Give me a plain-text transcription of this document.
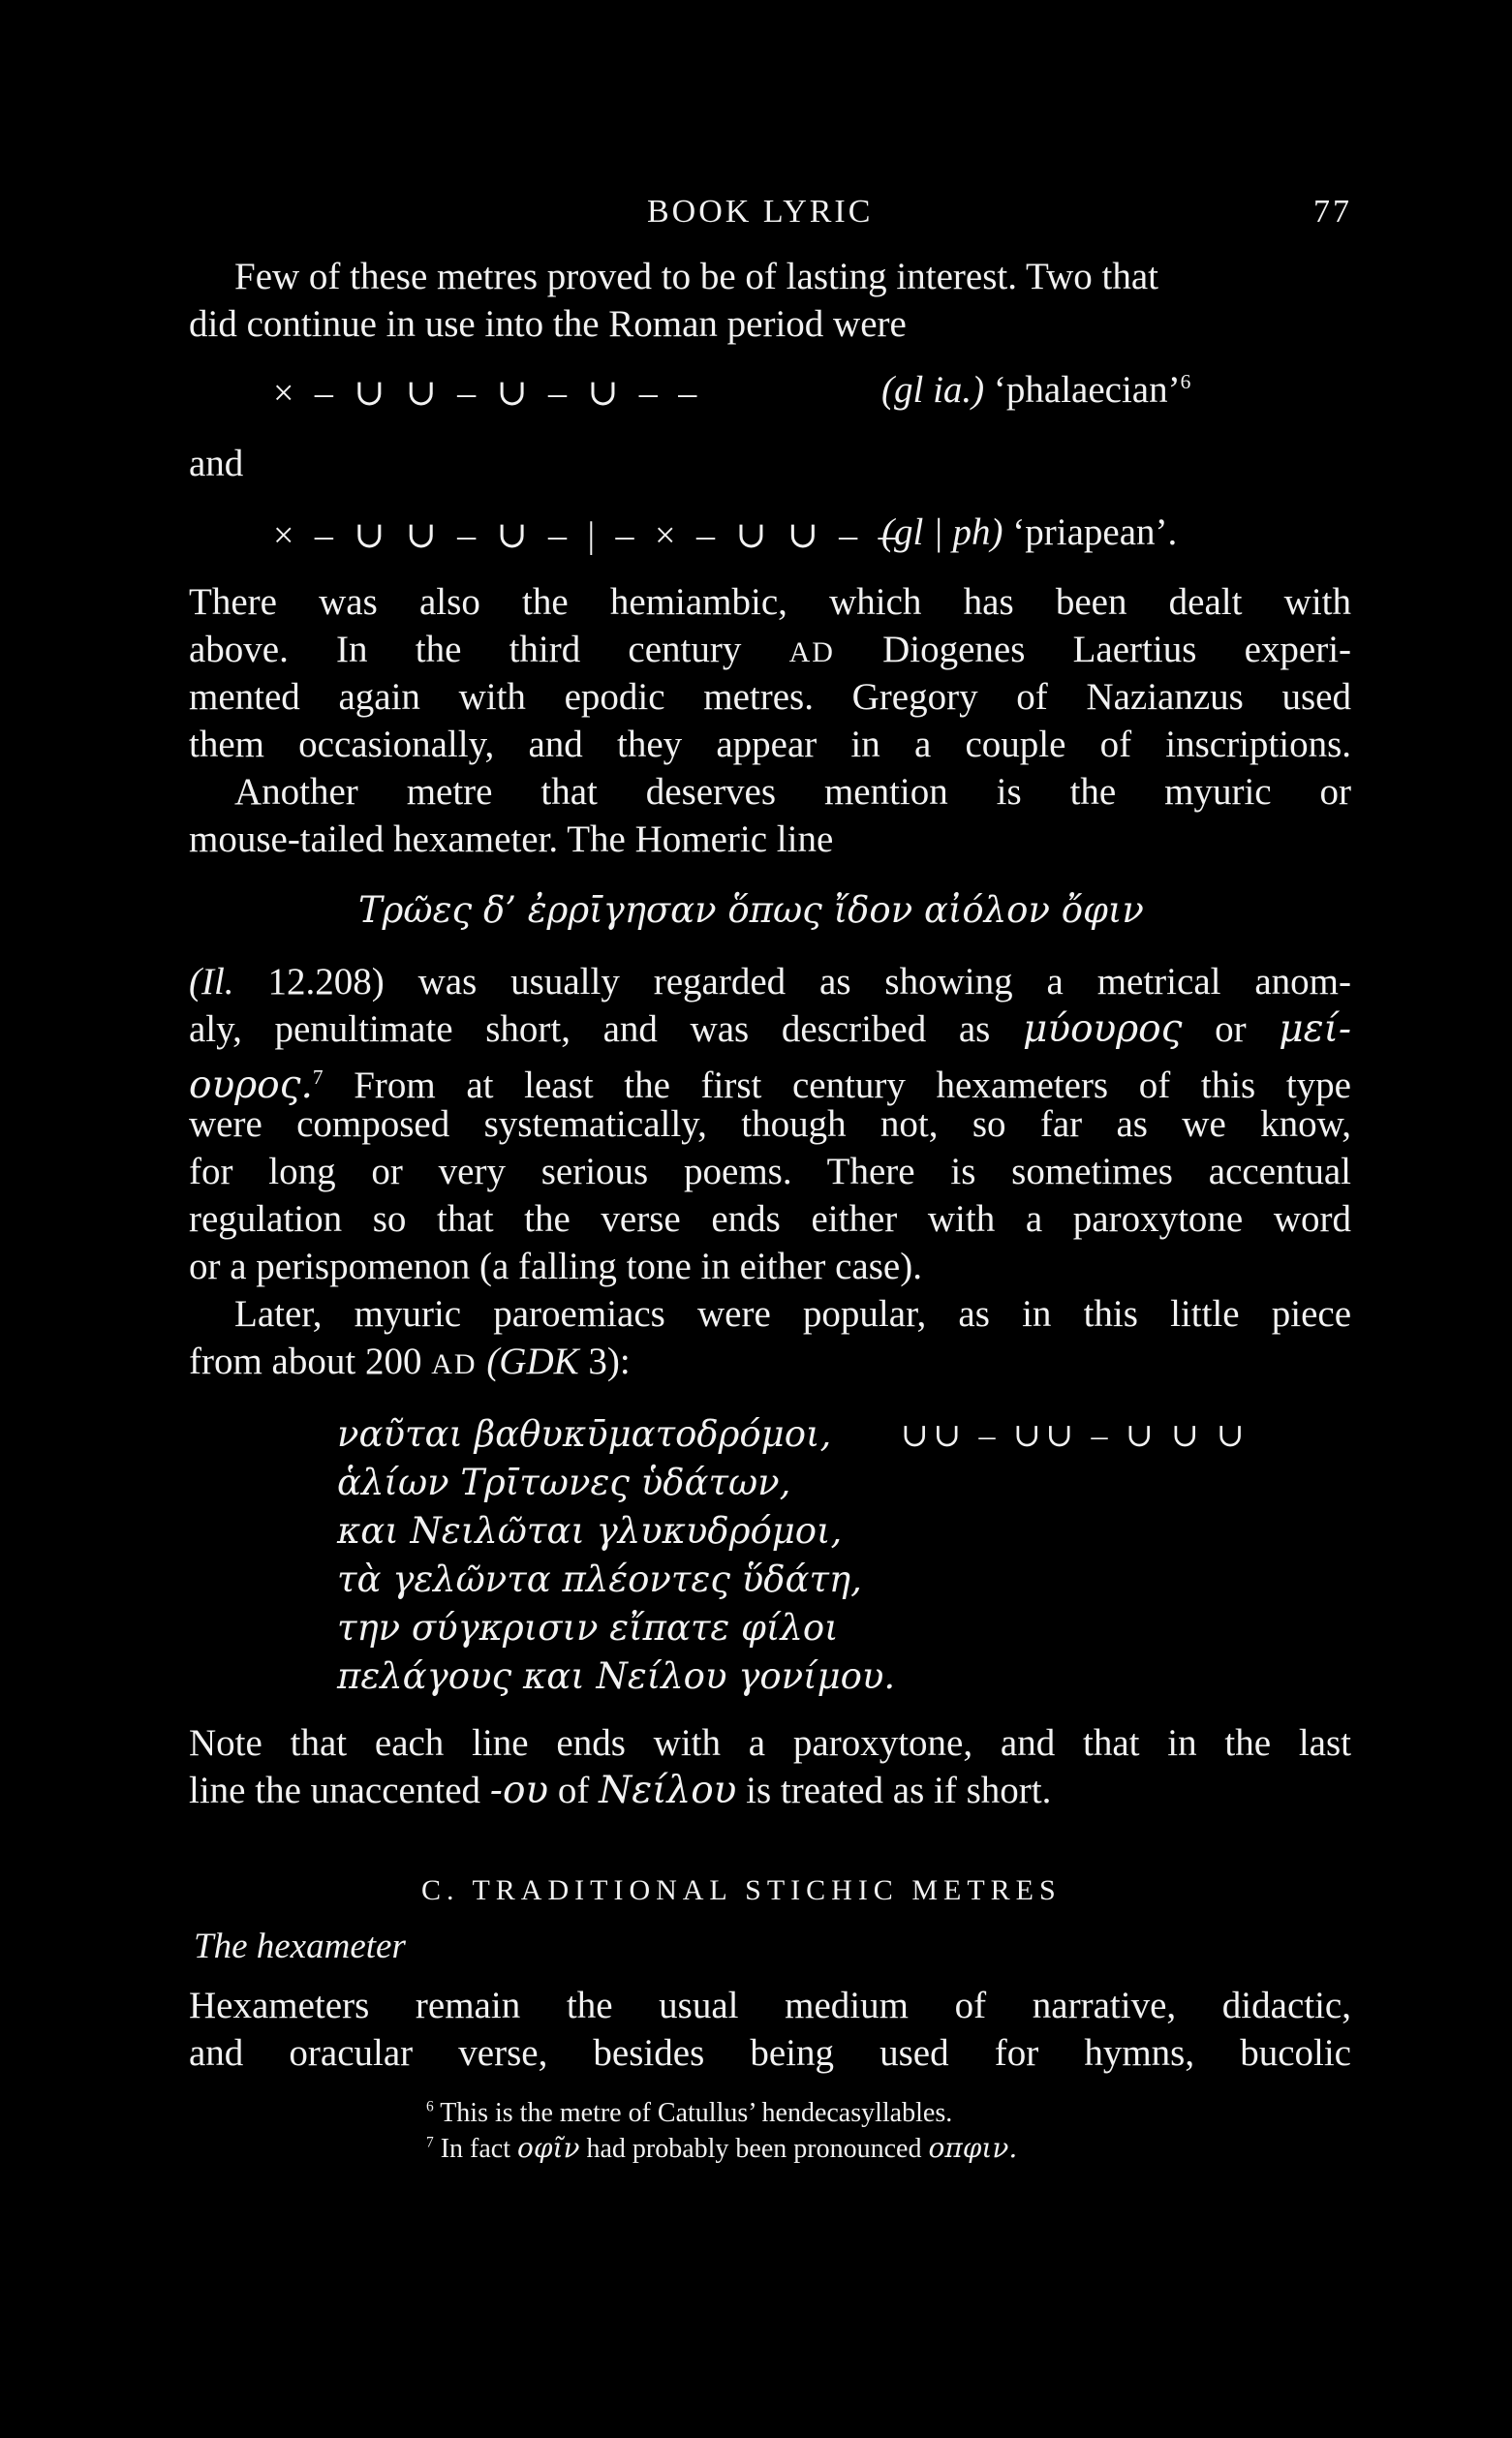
BOOK LYRIC	77
Few of these metres proved to be of lasting interest. Two that
did continue in use into the Roman period were
× – ∪ ∪ – ∪ – ∪ – –	(gl ia.) ‘phalaecian’$^6$
and
× – ∪ ∪ – ∪ – | – × – ∪ ∪ – –
(gl | ph) ‘priapean’.
There was also the hemiambic, which has been dealt with
above. In the third century AD Diogenes Laertius experi-
mented again with epodic metres. Gregory of Nazianzus used
them occasionally, and they appear in a couple of inscriptions.
Another metre that deserves mention is the myuric or
mouse-tailed hexameter. The Homeric line
Τρῶες δ’ ἐρρῑγησαν ὅπως ἴδον αἰόλον ὄφιν
(Il. 12.208) was usually regarded as showing a metrical anom-
aly, penultimate short, and was described as μύουρος or μεί-
ουρος.$^7$ From at least the first century hexameters of this type
were composed systematically, though not, so far as we know,
for long or very serious poems. There is sometimes accentual
regulation so that the verse ends either with a paroxytone word
or a perispomenon (a falling tone in either case).
Later, myuric paroemiacs were popular, as in this little piece
from about 200 AD (GDK 3):
ναῦται βαθυκῡματοδρόμοι,
ἁλίων Τρῑτωνες ὑδάτων,
και Νειλῶται γλυκυδρόμοι,
τὰ γελῶντα πλέοντες ὕδάτη,
την σύγκρισιν εἴπατε φίλοι
πελάγους και Νείλου γονίμου.
∪∪ – ∪∪ – ∪ ∪ ∪
Note that each line ends with a paroxytone, and that in the last
line the unaccented -ου of Νείλου is treated as if short.
C. TRADITIONAL STICHIC METRES
The hexameter
Hexameters remain the usual medium of narrative, didactic,
and oracular verse, besides being used for hymns, bucolic
$^6$ This is the metre of Catullus’ hendecasyllables.
$^7$ In fact οφῖν had probably been pronounced οπφιν.
